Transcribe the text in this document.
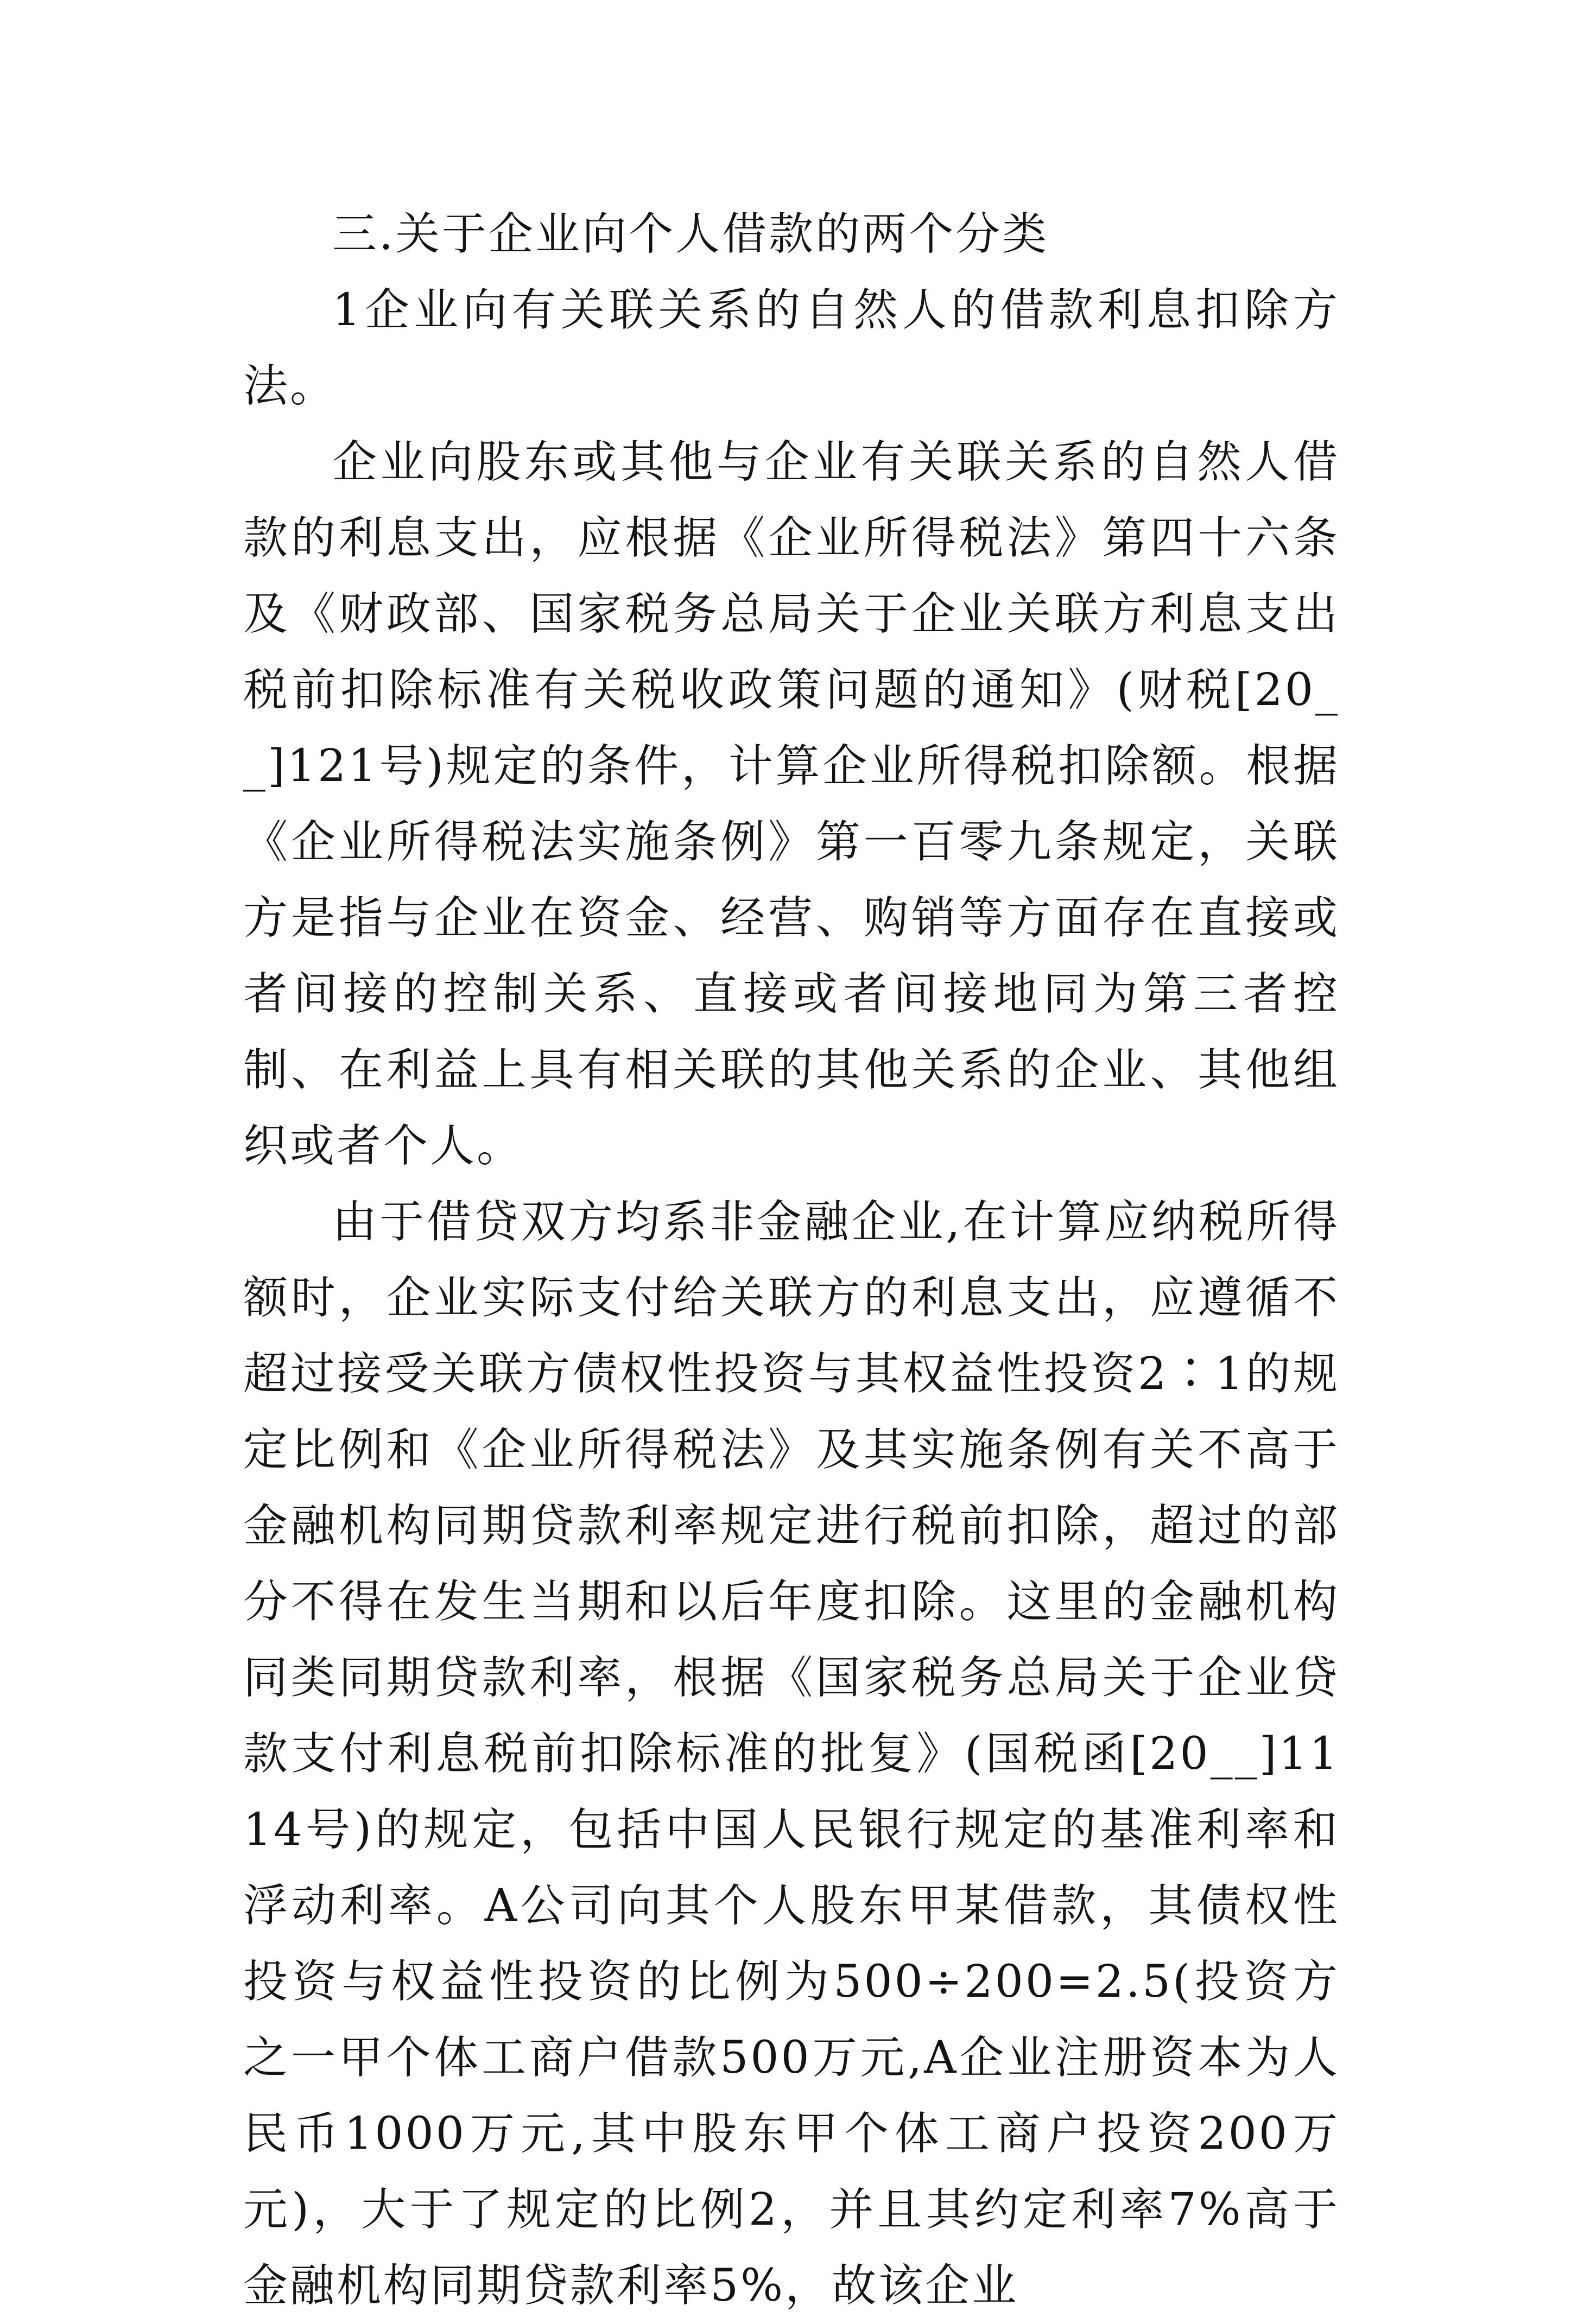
三.关于企业向个人借款的两个分类

1企业向有关联关系的自然人的借款利息扣除方法。

企业向股东或其他与企业有关联关系的自然人借款的利息支出，应根据《企业所得税法》第四十六条及《财政部、国家税务总局关于企业关联方利息支出税前扣除标准有关税收政策问题的通知》(财税[20__]121号)规定的条件，计算企业所得税扣除额。根据《企业所得税法实施条例》第一百零九条规定，关联方是指与企业在资金、经营、购销等方面存在直接或者间接的控制关系、直接或者间接地同为第三者控制、在利益上具有相关联的其他关系的企业、其他组织或者个人。

由于借贷双方均系非金融企业,在计算应纳税所得额时，企业实际支付给关联方的利息支出，应遵循不超过接受关联方债权性投资与其权益性投资2∶1的规定比例和《企业所得税法》及其实施条例有关不高于金融机构同期贷款利率规定进行税前扣除，超过的部分不得在发生当期和以后年度扣除。这里的金融机构同类同期贷款利率，根据《国家税务总局关于企业贷款支付利息税前扣除标准的批复》(国税函[20__]1114号)的规定，包括中国人民银行规定的基准利率和浮动利率。A公司向其个人股东甲某借款，其债权性投资与权益性投资的比例为500÷200=2.5(投资方之一甲个体工商户借款500万元,A企业注册资本为人民币1000万元,其中股东甲个体工商户投资200万元)，大于了规定的比例2，并且其约定利率7%高于金融机构同期贷款利率5%，故该企业
